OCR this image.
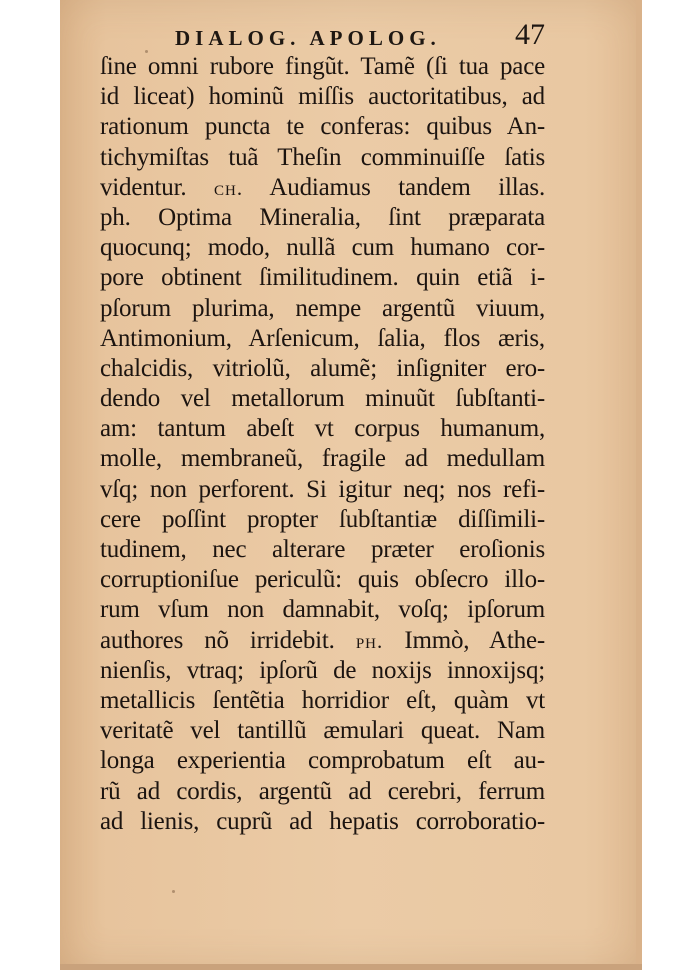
DIALOG. APOLOG. 47
ſine omni rubore fingũt. Tamẽ (ſi tua pace
id liceat) hominũ miſſis auctoritatibus, ad
rationum puncta te conferas: quibus An-
tichymiſtas tuã Theſin comminuiſſe ſatis
videntur. ch. Audiamus tandem illas.
ph. Optima Mineralia, ſint præparata
quocunq; modo, nullã cum humano cor-
pore obtinent ſimilitudinem. quin etiã i-
pſorum plurima, nempe argentũ viuum,
Antimonium, Arſenicum, ſalia, flos æris,
chalcidis, vitriolũ, alumẽ; inſigniter ero-
dendo vel metallorum minuũt ſubſtanti-
am: tantum abeſt vt corpus humanum,
molle, membraneũ, fragile ad medullam
vſq; non perforent. Si igitur neq; nos refi-
cere poſſint propter ſubſtantiæ diſſimili-
tudinem, nec alterare præter eroſionis
corruptioniſue periculũ: quis obſecro illo-
rum vſum non damnabit, voſq; ipſorum
authores nõ irridebit. ph. Immò, Athe-
nienſis, vtraq; ipſorũ de noxijs innoxijsq;
metallicis ſentẽtia horridior eſt, quàm vt
veritatẽ vel tantillũ æmulari queat. Nam
longa experientia comprobatum eſt au-
rũ ad cordis, argentũ ad cerebri, ferrum
ad lienis, cuprũ ad hepatis corroboratio-
